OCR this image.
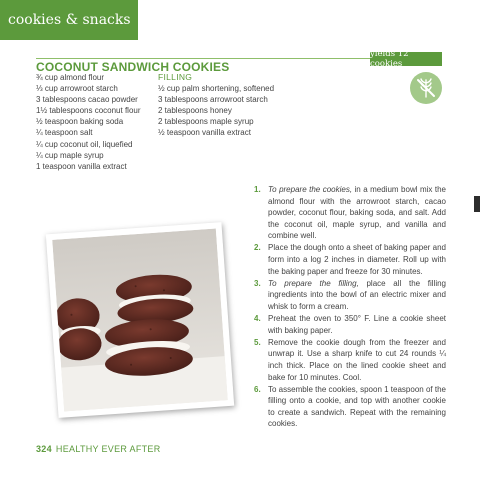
cookies & snacks
COCONUT SANDWICH COOKIES
yields 12 cookies
¾ cup almond flour
⅓ cup arrowroot starch
3 tablespoons cacao powder
1½ tablespoons coconut flour
½ teaspoon baking soda
¼ teaspoon salt
¼ cup coconut oil, liquefied
¼ cup maple syrup
1 teaspoon vanilla extract
FILLING
½ cup palm shortening, softened
3 tablespoons arrowroot starch
2 tablespoons honey
2 tablespoons maple syrup
½ teaspoon vanilla extract
1. To prepare the cookies, in a medium bowl mix the almond flour with the arrowroot starch, cacao powder, coconut flour, baking soda, and salt. Add the coconut oil, maple syrup, and vanilla and combine well.
2. Place the dough onto a sheet of baking paper and form into a log 2 inches in diameter. Roll up with the baking paper and freeze for 30 minutes.
3. To prepare the filling, place all the filling ingredients into the bowl of an electric mixer and whisk to form a cream.
4. Preheat the oven to 350° F. Line a cookie sheet with baking paper.
5. Remove the cookie dough from the freezer and unwrap it. Use a sharp knife to cut 24 rounds ¼ inch thick. Place on the lined cookie sheet and bake for 10 minutes. Cool.
6. To assemble the cookies, spoon 1 teaspoon of the filling onto a cookie, and top with another cookie to create a sandwich. Repeat with the remaining cookies.
324 HEALTHY EVER AFTER
